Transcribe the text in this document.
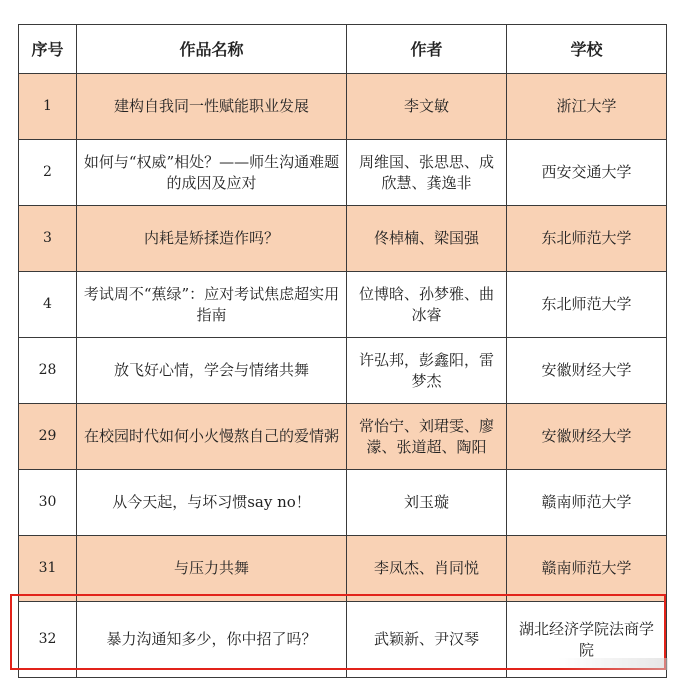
序号	作品名称	作者	学校
1	建构自我同一性赋能职业发展	李文敏	浙江大学
2	如何与“权威”相处？——师生沟通难题的成因及应对	周维国、张思思、成欣慧、龚逸非	西安交通大学
3	内耗是矫揉造作吗？	佟棹楠、梁国强	东北师范大学
4	考试周不“蕉绿”：应对考试焦虑超实用指南	位博晗、孙梦雅、曲冰睿	东北师范大学
28	放飞好心情，学会与情绪共舞	许弘邦，彭鑫阳，雷梦杰	安徽财经大学
29	在校园时代如何小火慢熬自己的爱情粥	常怡宁、刘珺雯、廖濛、张道超、陶阳	安徽财经大学
30	从今天起，与坏习惯say no！	刘玉璇	赣南师范大学
31	与压力共舞	李凤杰、肖同悦	赣南师范大学
32	暴力沟通知多少，你中招了吗？	武颖新、尹汉琴	湖北经济学院法商学院
